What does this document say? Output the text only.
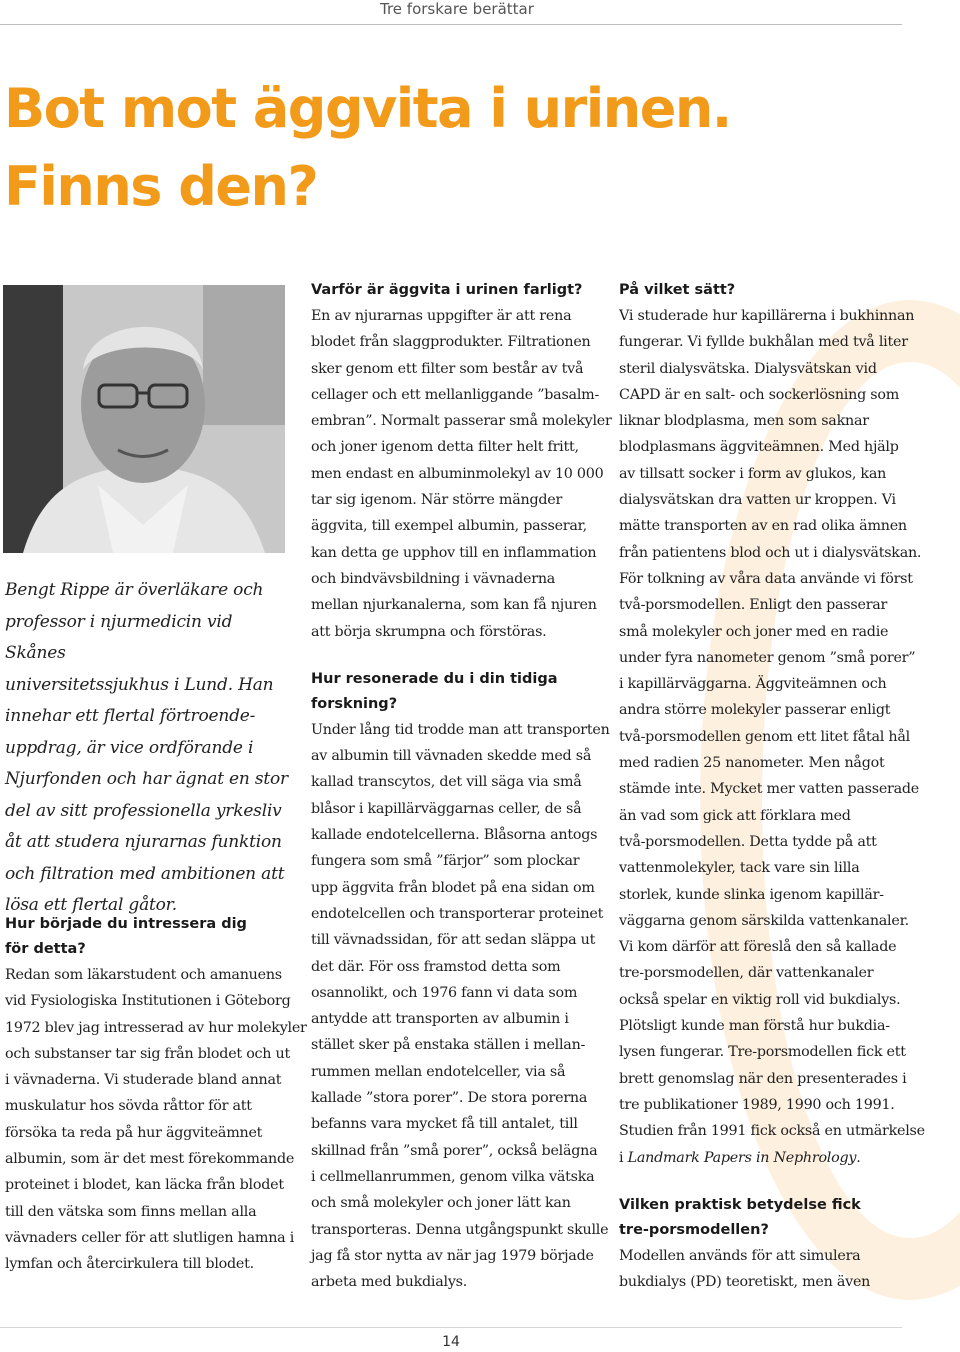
Tre forskare berättar
Bot mot äggvita i urinen.
Finns den?
Bengt Rippe är överläkare och
professor i njurmedicin vid Skånes
universitetssjukhus i Lund. Han
innehar ett flertal förtroende-
uppdrag, är vice ordförande i
Njurfonden och har ägnat en stor
del av sitt professionella yrkesliv
åt att studera njurarnas funktion
och filtration med ambitionen att
lösa ett flertal gåtor.
Hur började du intressera dig
för detta?

Redan som läkarstudent och amanuens
vid Fysiologiska Institutionen i Göteborg
1972 blev jag intresserad av hur molekyler
och substanser tar sig från blodet och ut
i vävnaderna. Vi studerade bland annat
muskulatur hos sövda råttor för att
försöka ta reda på hur äggviteämnet
albumin, som är det mest förekommande
proteinet i blodet, kan läcka från blodet
till den vätska som finns mellan alla
vävnaders celler för att slutligen hamna i
lymfan och återcirkulera till blodet.

Varför är äggvita i urinen farligt?

En av njurarnas uppgifter är att rena
blodet från slaggprodukter. Filtrationen
sker genom ett filter som består av två
cellager och ett mellanliggande ”basalm-
embran”. Normalt passerar små molekyler
och joner igenom detta filter helt fritt,
men endast en albuminmolekyl av 10 000
tar sig igenom. När större mängder
äggvita, till exempel albumin, passerar,
kan detta ge upphov till en inflammation
och bindvävsbildning i vävnaderna
mellan njurkanalerna, som kan få njuren
att börja skrumpna och förstöras.

Hur resonerade du i din tidiga
forskning?

Under lång tid trodde man att transporten
av albumin till vävnaden skedde med så
kallad transcytos, det vill säga via små
blåsor i kapillärväggarnas celler, de så
kallade endotelcellerna. Blåsorna antogs
fungera som små ”färjor” som plockar
upp äggvita från blodet på ena sidan om
endotelcellen och transporterar proteinet
till vävnadssidan, för att sedan släppa ut
det där. För oss framstod detta som
osannolikt, och 1976 fann vi data som
antydde att transporten av albumin i
stället sker på enstaka ställen i mellan-
rummen mellan endotelceller, via så
kallade ”stora porer”. De stora porerna
befanns vara mycket få till antalet, till
skillnad från ”små porer”, också belägna
i cellmellanrummen, genom vilka vätska
och små molekyler och joner lätt kan
transporteras. Denna utgångspunkt skulle
jag få stor nytta av när jag 1979 började
arbeta med bukdialys.

På vilket sätt?

Vi studerade hur kapillärerna i bukhinnan
fungerar. Vi fyllde bukhålan med två liter
steril dialysvätska. Dialysvätskan vid
CAPD är en salt- och sockerlösning som
liknar blodplasma, men som saknar
blodplasmans äggviteämnen. Med hjälp
av tillsatt socker i form av glukos, kan
dialysvätskan dra vatten ur kroppen. Vi
mätte transporten av en rad olika ämnen
från patientens blod och ut i dialysvätskan.
För tolkning av våra data använde vi först
två-porsmodellen. Enligt den passerar
små molekyler och joner med en radie
under fyra nanometer genom ”små porer”
i kapillärväggarna. Äggviteämnen och
andra större molekyler passerar enligt
två-porsmodellen genom ett litet fåtal hål
med radien 25 nanometer. Men något
stämde inte. Mycket mer vatten passerade
än vad som gick att förklara med
två-porsmodellen. Detta tydde på att
vattenmolekyler, tack vare sin lilla
storlek, kunde slinka igenom kapillär-
väggarna genom särskilda vattenkanaler.
Vi kom därför att föreslå den så kallade
tre-porsmodellen, där vattenkanaler
också spelar en viktig roll vid bukdialys.
Plötsligt kunde man förstå hur bukdia-
lysen fungerar. Tre-porsmodellen fick ett
brett genomslag när den presenterades i
tre publikationer 1989, 1990 och 1991.
Studien från 1991 fick också en utmärkelse
i Landmark Papers in Nephrology.

Vilken praktisk betydelse fick
tre-porsmodellen?

Modellen används för att simulera
bukdialys (PD) teoretiskt, men även

14
